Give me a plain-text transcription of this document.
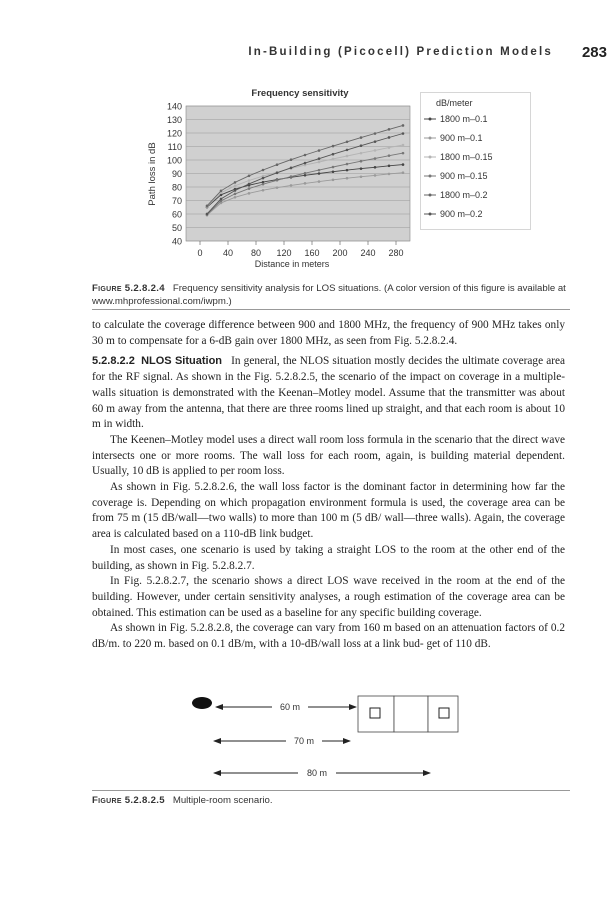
In-Building (Picocell) Prediction Models 283
Frequency sensitivity
40
50
60
70
80
90
100
110
120
130
140
0 40 80 120 160 200 240 280
Path loss in dB
Distance in meters
dB/meter
1800 m–0.1
900 m–0.1
1800 m–0.15
900 m–0.15
1800 m–0.2
900 m–0.2
Figure 5.2.8.2.4 Frequency sensitivity analysis for LOS situations. (A color version of this figure is available at www.mhprofessional.com/iwpm.)

to calculate the coverage difference between 900 and 1800 MHz, the frequency of 900 MHz takes only 30 m to compensate for a 6-dB gain over 1800 MHz, as seen from Fig. 5.2.8.2.4.

5.2.8.2.2 NLOS Situation In general, the NLOS situation mostly decides the ultimate coverage area for the RF signal. As shown in the Fig. 5.2.8.2.5, the scenario of the impact on coverage in a multiple-walls situation is demonstrated with the Keenan–Motley model. Assume that the transmitter was about 60 m away from the antenna, that there are three rooms lined up straight, and that each room is about 10 m in width.

The Keenen–Motley model uses a direct wall room loss formula in the scenario that the direct wave intersects one or more rooms. The wall loss for each room, again, is building material dependent. Usually, 10 dB is applied to per room loss.

As shown in Fig. 5.2.8.2.6, the wall loss factor is the dominant factor in determining how far the coverage is. Depending on which propagation environment formula is used, the coverage area can be from 75 m (15 dB/wall—two walls) to more than 100 m (5 dB/ wall—three walls). Again, the coverage area is calculated based on a 110-dB link budget.

In most cases, one scenario is used by taking a straight LOS to the room at the other end of the building, as shown in Fig. 5.2.8.2.7.

In Fig. 5.2.8.2.7, the scenario shows a direct LOS wave received in the room at the end of the building. However, under certain sensitivity analyses, a rough estimation of the coverage area can be obtained. This estimation can be used as a baseline for any specific building coverage.

As shown in Fig. 5.2.8.2.8, the coverage can vary from 160 m based on an attenuation factors of 0.2 dB/m. to 220 m. based on 0.1 dB/m, with a 10-dB/wall loss at a link bud- get of 110 dB.

60 m
70 m
80 m
Figure 5.2.8.2.5 Multiple-room scenario.
